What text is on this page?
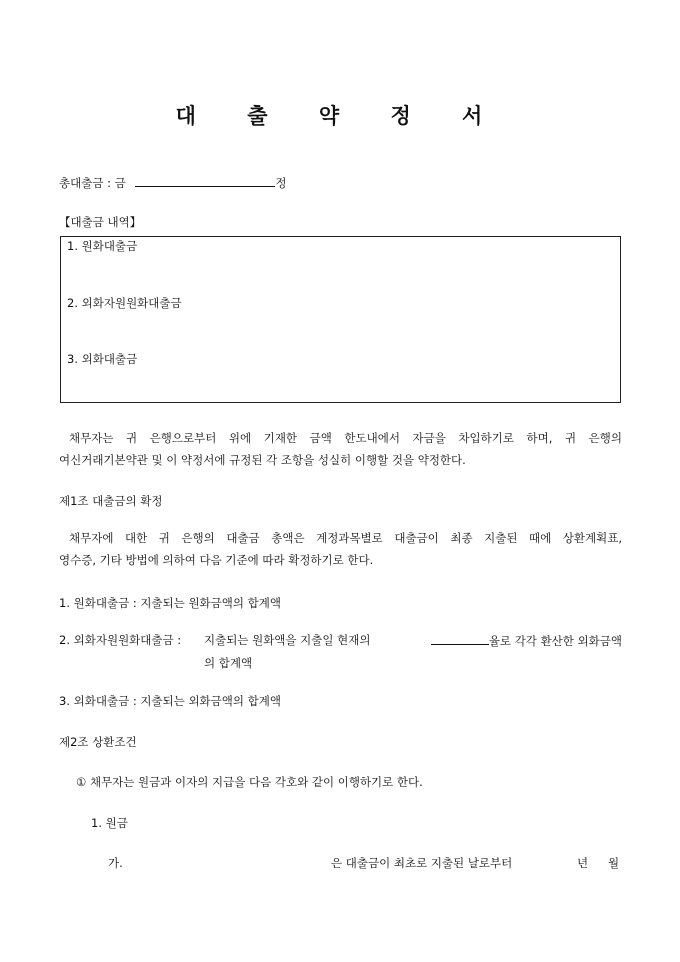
대 출 약 정 서
총대출금 : 금	정
【대출금 내역】
1. 원화대출금
2. 외화자원원화대출금
3. 외화대출금
채무자는 귀 은행으로부터 위에 기재한 금액 한도내에서 자금을 차입하기로 하며, 귀 은행의
여신거래기본약관 및 이 약정서에 규정된 각 조항을 성실히 이행할 것을 약정한다.
제1조 대출금의 확정
채무자에 대한 귀 은행의 대출금 총액은 계정과목별로 대출금이 최종 지출된 때에 상환계획표,
영수증, 기타 방법에 의하여 다음 기준에 따라 확정하기로 한다.
1. 원화대출금 : 지출되는 원화금액의 합계액
2. 외화자원원화대출금 : 지출되는 원화액을 지출일 현재의	율로 각각 환산한 외화금액
의 합계액
3. 외화대출금 : 지출되는 외화금액의 합계액
제2조 상환조건
① 채무자는 원금과 이자의 지급을 다음 각호와 같이 이행하기로 한다.
1. 원금
가.	은 대출금이 최초로 지출된 날로부터	년 월
